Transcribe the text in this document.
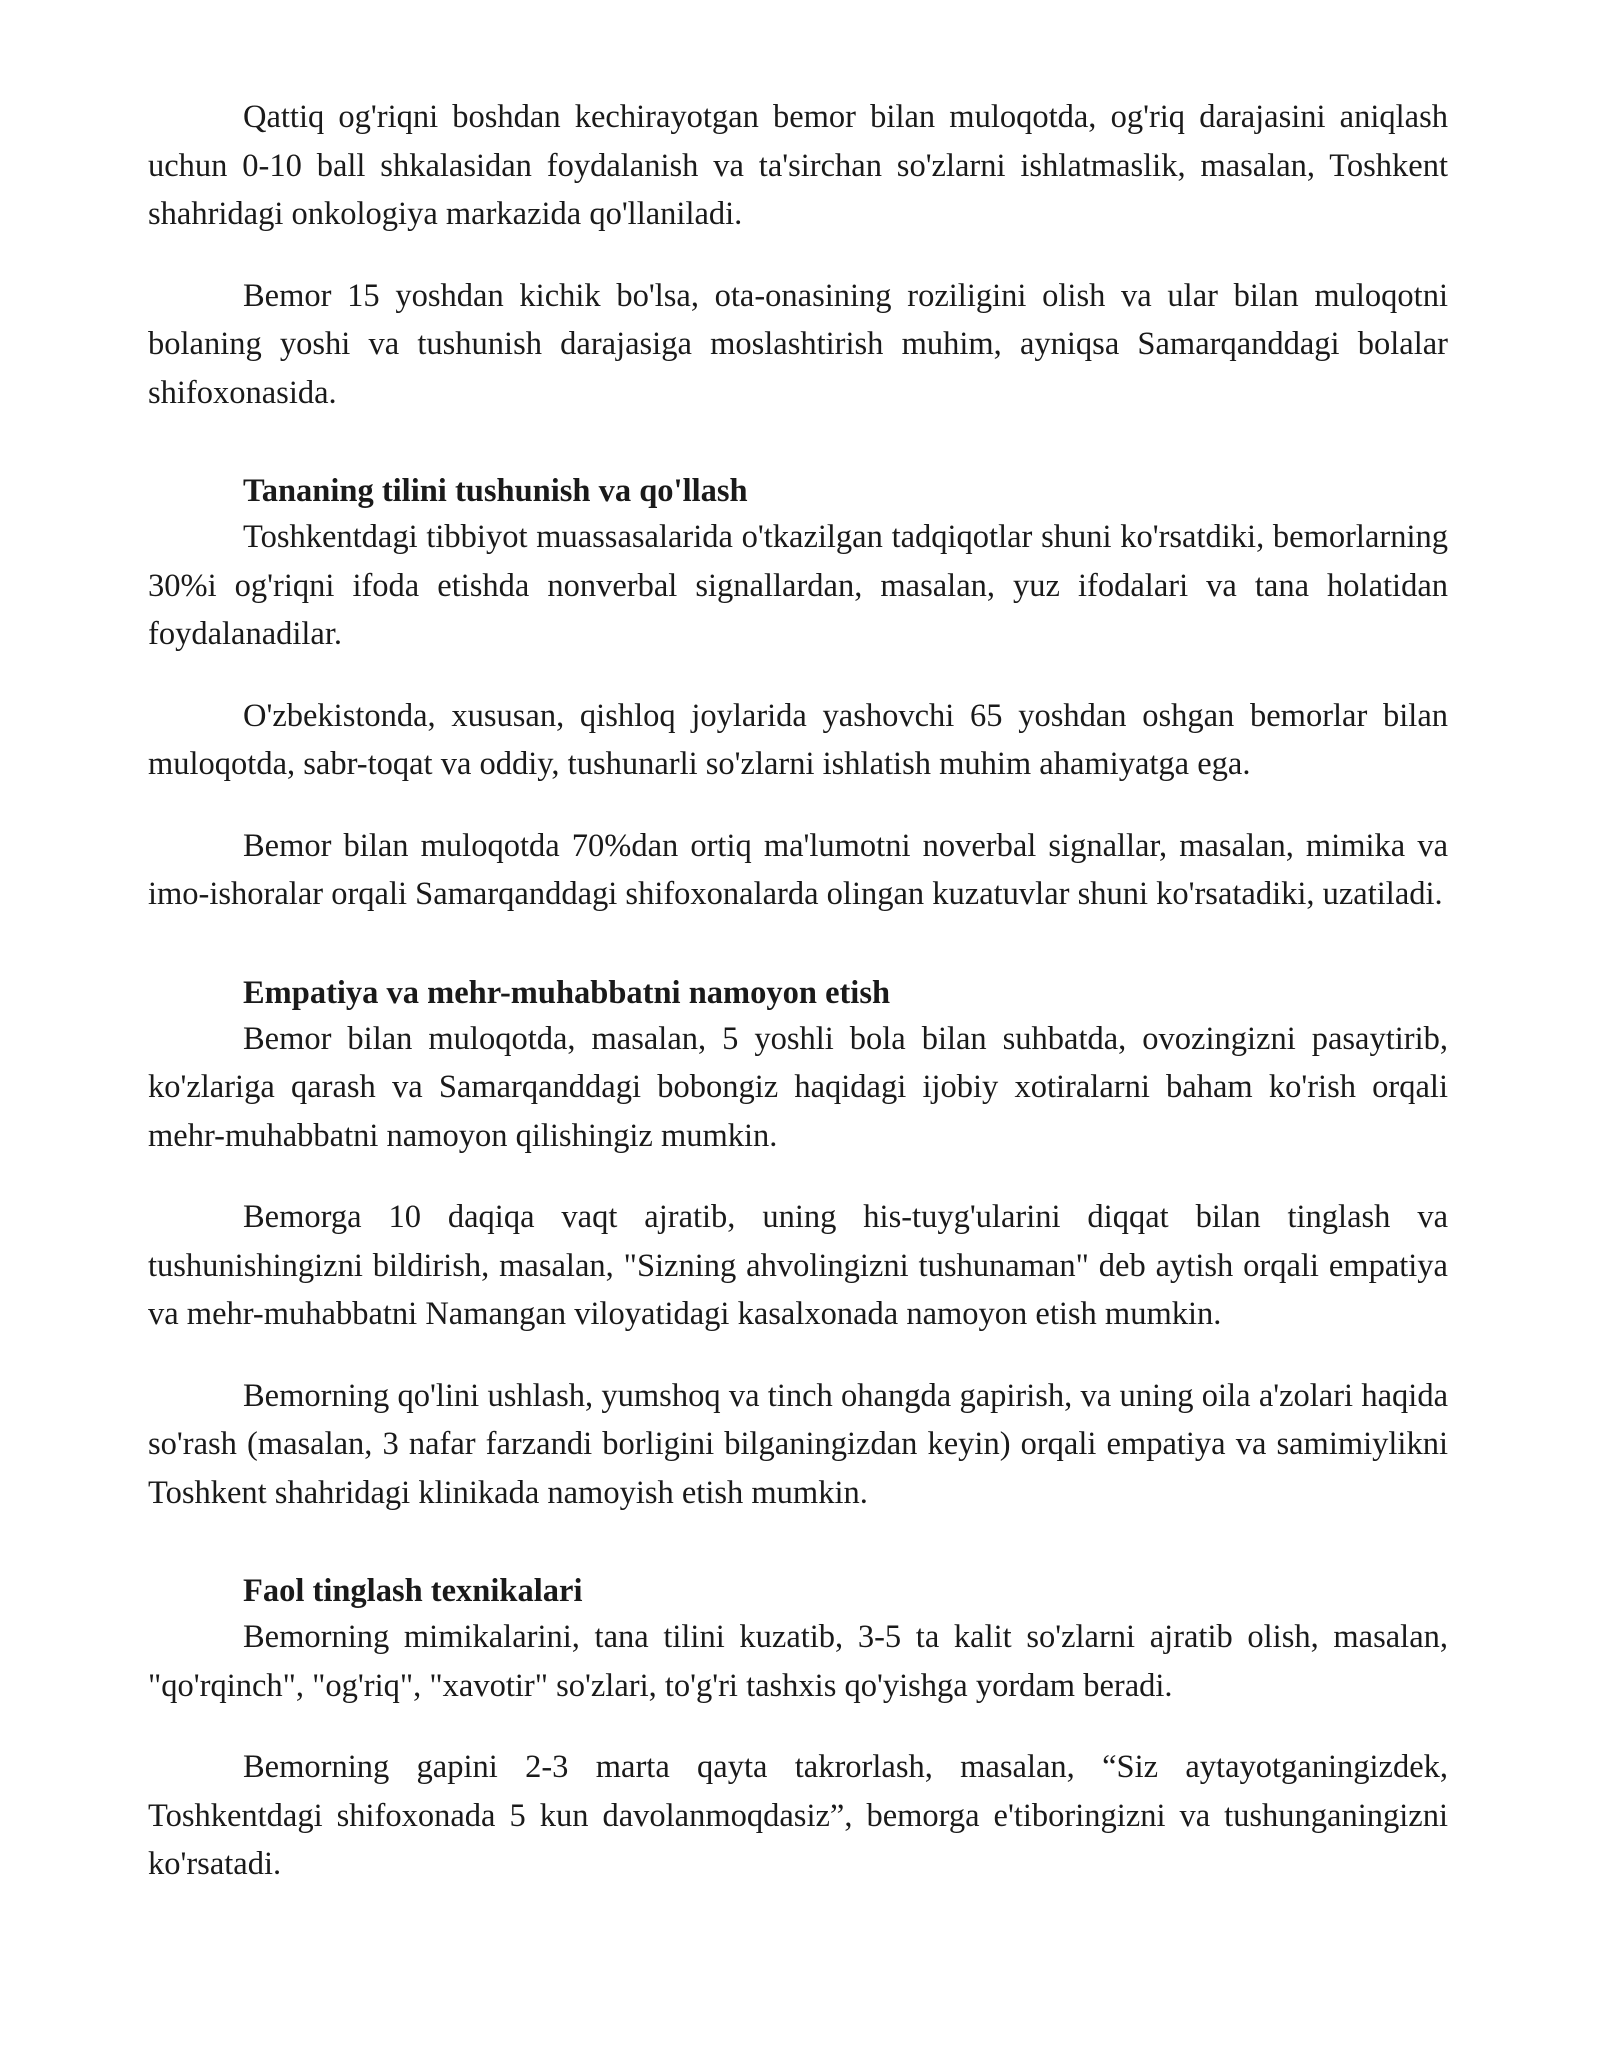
Qattiq og'riqni boshdan kechirayotgan bemor bilan muloqotda, og'riq darajasini aniqlash uchun 0-10 ball shkalasidan foydalanish va ta'sirchan so'zlarni ishlatmaslik, masalan, Toshkent shahridagi onkologiya markazida qo'llaniladi.

Bemor 15 yoshdan kichik bo'lsa, ota-onasining roziligini olish va ular bilan muloqotni bolaning yoshi va tushunish darajasiga moslashtirish muhim, ayniqsa Samarqanddagi bolalar shifoxonasida.

Tananing tilini tushunish va qo'llash

Toshkentdagi tibbiyot muassasalarida o'tkazilgan tadqiqotlar shuni ko'rsatdiki, bemorlarning 30%i og'riqni ifoda etishda nonverbal signallardan, masalan, yuz ifodalari va tana holatidan foydalanadilar.

O'zbekistonda, xususan, qishloq joylarida yashovchi 65 yoshdan oshgan bemorlar bilan muloqotda, sabr-toqat va oddiy, tushunarli so'zlarni ishlatish muhim ahamiyatga ega.

Bemor bilan muloqotda 70%dan ortiq ma'lumotni noverbal signallar, masalan, mimika va imo-ishoralar orqali Samarqanddagi shifoxonalarda olingan kuzatuvlar shuni ko'rsatadiki, uzatiladi.

Empatiya va mehr-muhabbatni namoyon etish

Bemor bilan muloqotda, masalan, 5 yoshli bola bilan suhbatda, ovozingizni pasaytirib, ko'zlariga qarash va Samarqanddagi bobongiz haqidagi ijobiy xotiralarni baham ko'rish orqali mehr-muhabbatni namoyon qilishingiz mumkin.

Bemorga 10 daqiqa vaqt ajratib, uning his-tuyg'ularini diqqat bilan tinglash va tushunishingizni bildirish, masalan, "Sizning ahvolingizni tushunaman" deb aytish orqali empatiya va mehr-muhabbatni Namangan viloyatidagi kasalxonada namoyon etish mumkin.

Bemorning qo'lini ushlash, yumshoq va tinch ohangda gapirish, va uning oila a'zolari haqida so'rash (masalan, 3 nafar farzandi borligini bilganingizdan keyin) orqali empatiya va samimiylikni Toshkent shahridagi klinikada namoyish etish mumkin.

Faol tinglash texnikalari

Bemorning mimikalarini, tana tilini kuzatib, 3-5 ta kalit so'zlarni ajratib olish, masalan, "qo'rqinch", "og'riq", "xavotir" so'zlari, to'g'ri tashxis qo'yishga yordam beradi.

Bemorning gapini 2-3 marta qayta takrorlash, masalan, “Siz aytayotganingizdek, Toshkentdagi shifoxonada 5 kun davolanmoqdasiz”, bemorga e'tiboringizni va tushunganingizni ko'rsatadi.
